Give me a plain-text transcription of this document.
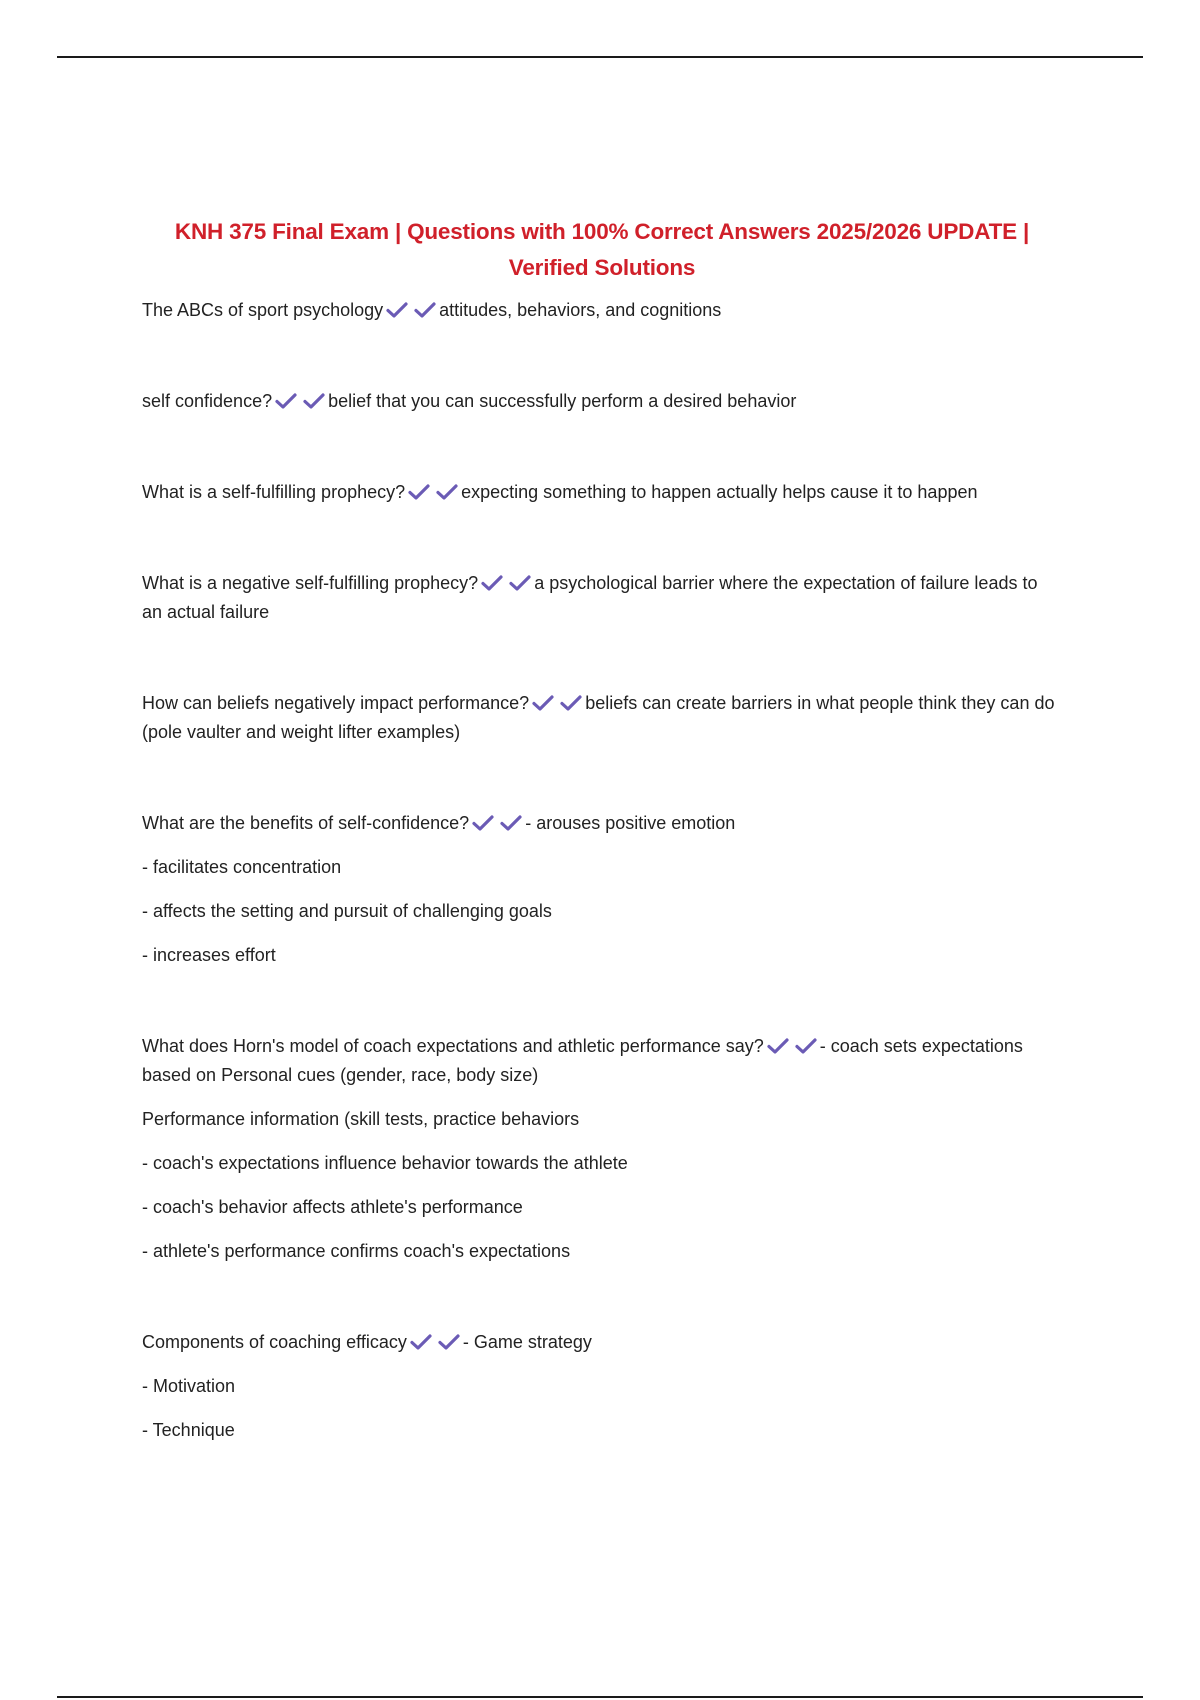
KNH 375 Final Exam | Questions with 100% Correct Answers 2025/2026 UPDATE | Verified Solutions

The ABCs of sport psychology	attitudes, behaviors, and cognitions

self confidence?	belief that you can successfully perform a desired behavior

What is a self-fulfilling prophecy?	expecting something to happen actually helps cause it to happen

What is a negative self-fulfilling prophecy?	a psychological barrier where the expectation of failure leads to an actual failure

How can beliefs negatively impact performance?	beliefs can create barriers in what people think they can do (pole vaulter and weight lifter examples)

What are the benefits of self-confidence?	- arouses positive emotion

- facilitates concentration

- affects the setting and pursuit of challenging goals

- increases effort

What does Horn's model of coach expectations and athletic performance say?	- coach sets expectations based on Personal cues (gender, race, body size)

Performance information (skill tests, practice behaviors

- coach's expectations influence behavior towards the athlete

- coach's behavior affects athlete's performance

- athlete's performance confirms coach's expectations

Components of coaching efficacy	- Game strategy

- Motivation

- Technique
